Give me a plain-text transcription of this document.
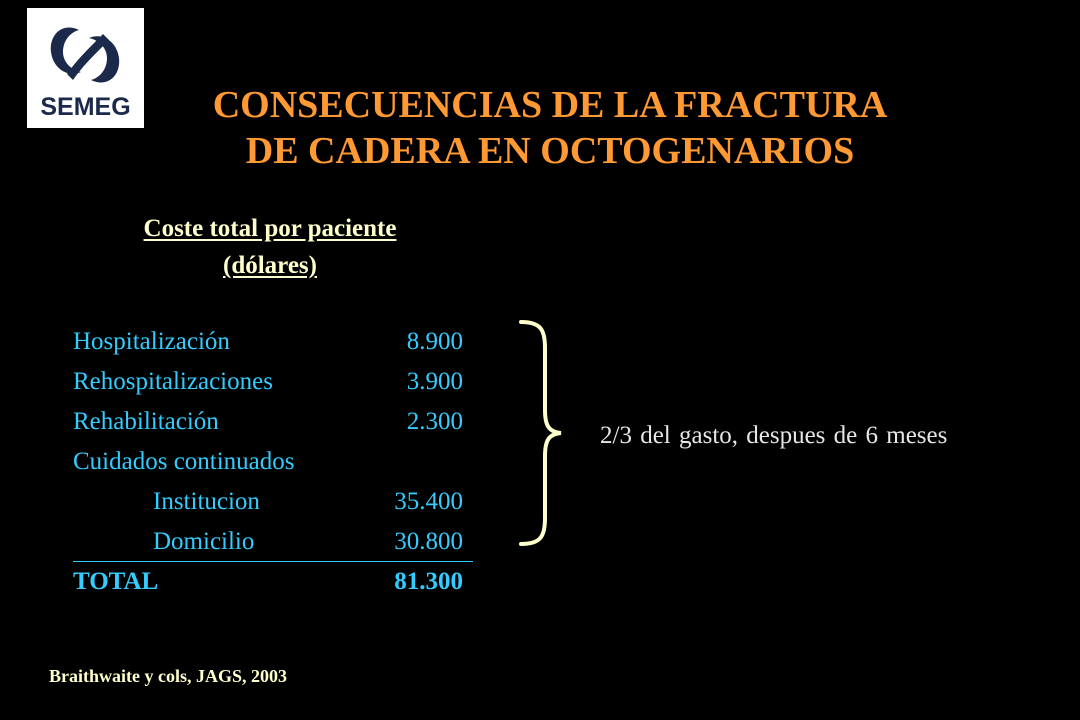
SEMEG	CONSECUENCIAS DE LA FRACTURA
DE CADERA EN OCTOGENARIOS
Coste total por paciente
(dólares)
Hospitalización	8.900
Rehospitalizaciones	3.900
Rehabilitación	2.300
Cuidados continuados
Institucion	35.400
Domicilio	30.800
TOTAL	81.300
2/3 del gasto, despues de 6 meses
Braithwaite y cols, JAGS, 2003
